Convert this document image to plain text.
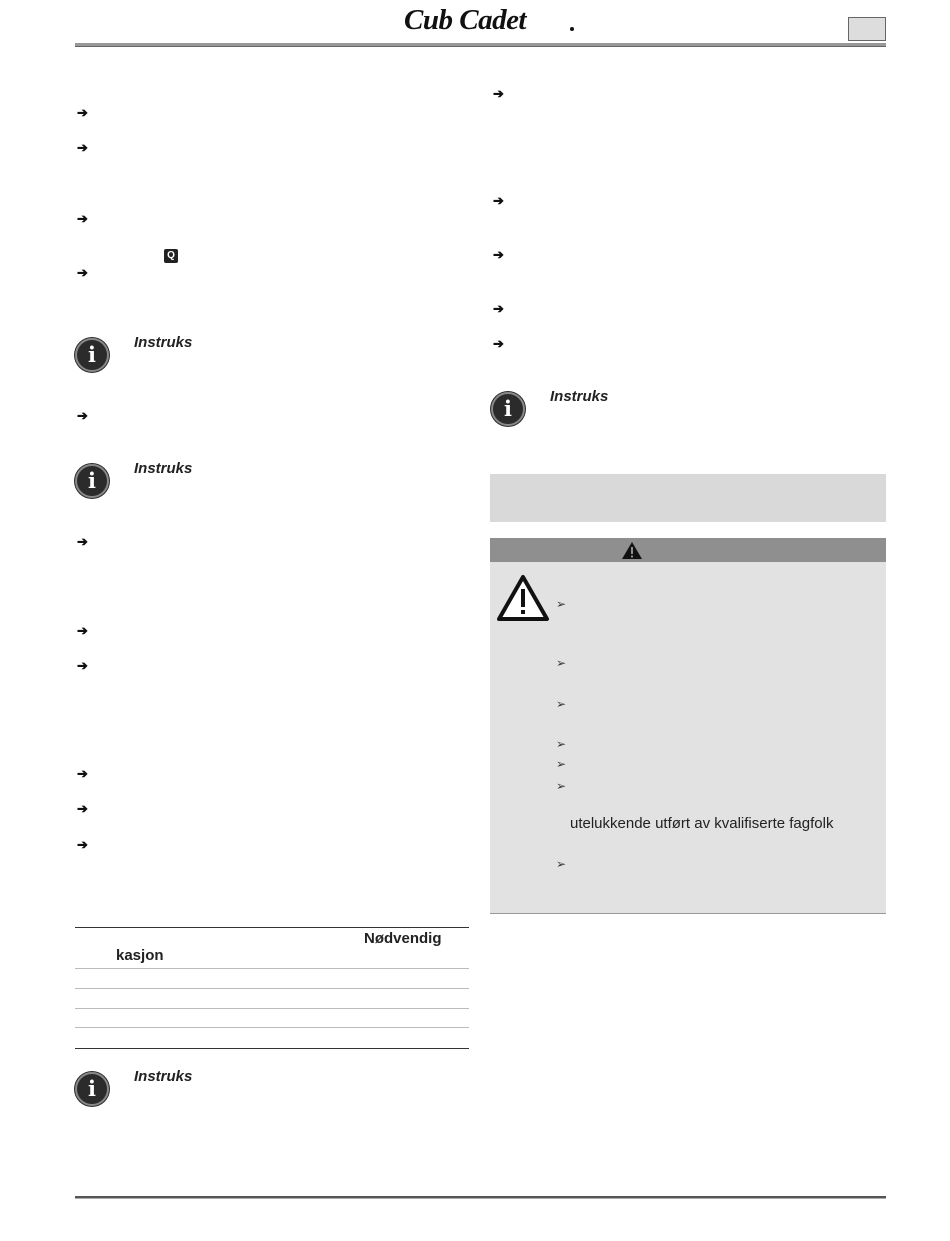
Cub Cadet
➔
➔
➔
Q
➔
i	Instruks
➔
i	Instruks
➔
➔
➔
➔
➔
➔
Nødvendig
kasjon
i	Instruks
➔
➔
➔
➔
➔
i	Instruks
➢
➢
➢
➢
➢
➢
utelukkende utført av kvalifiserte fagfolk
➢
